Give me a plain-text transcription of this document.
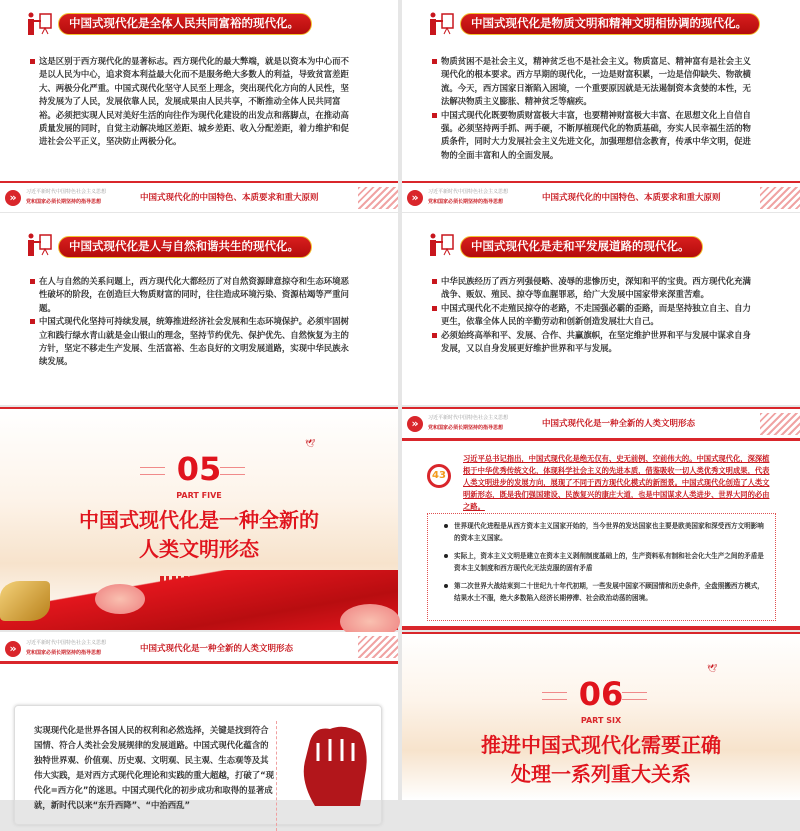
中国式现代化是全体人民共同富裕的现代化。
这是区别于西方现代化的显著标志。西方现代化的最大弊端，就是以资本为中心而不是以人民为中心，追求资本利益最大化而不是服务绝大多数人的利益，导致贫富差距大、两极分化严重。中国式现代化坚守人民至上理念，突出现代化方向的人民性，坚持发展为了人民，发展依靠人民，发展成果由人民共享，不断推动全体人民共同富裕。必须把实现人民对美好生活的向往作为现代化建设的出发点和落脚点，在推动高质量发展的同时，自觉主动解决地区差距、城乡差距、收入分配差距，着力维护和促进社会公平正义，坚决防止两极分化。
»	习近平新时代中国特色社会主义思想
党和国家必须长期坚持的指导思想	中国式现代化的中国特色、本质要求和重大原则
中国式现代化是物质文明和精神文明相协调的现代化。
物质贫困不是社会主义，精神贫乏也不是社会主义。物质富足、精神富有是社会主义现代化的根本要求。西方早期的现代化，一边是财富积累，一边是信仰缺失、物欲横流。今天，西方国家日渐陷入困境，一个重要原因就是无法遏制资本贪婪的本性，无法解决物质主义膨胀、精神贫乏等痼疾。
中国式现代化既要物质财富极大丰富，也要精神财富极大丰富、在思想文化上自信自强。必须坚持两手抓、两手硬，不断厚植现代化的物质基础，夯实人民幸福生活的物质条件，同时大力发展社会主义先进文化，加强理想信念教育，传承中华文明，促进物的全面丰富和人的全面发展。
»	习近平新时代中国特色社会主义思想
党和国家必须长期坚持的指导思想	中国式现代化的中国特色、本质要求和重大原则
中国式现代化是人与自然和谐共生的现代化。
在人与自然的关系问题上，西方现代化大都经历了对自然资源肆意掠夺和生态环境恶性破坏的阶段，在创造巨大物质财富的同时，往往造成环境污染、资源枯竭等严重问题。
中国式现代化坚持可持续发展，统筹推进经济社会发展和生态环境保护。必须牢固树立和践行绿水青山就是金山银山的理念，坚持节约优先、保护优先、自然恢复为主的方针，坚定不移走生产发展、生活富裕、生态良好的文明发展道路，实现中华民族永续发展。
中国式现代化是走和平发展道路的现代化。
中华民族经历了西方列强侵略、凌辱的悲惨历史，深知和平的宝贵。西方现代化充满战争、贩奴、殖民、掠夺等血腥罪恶，给广大发展中国家带来深重苦难。
中国式现代化不走殖民掠夺的老路，不走国强必霸的歪路，而是坚持独立自主、自力更生，依靠全体人民的辛勤劳动和创新创造发展壮大自己。
必须始终高举和平、发展、合作、共赢旗帜，在坚定维护世界和平与发展中谋求自身发展，又以自身发展更好维护世界和平与发展。
🕊
05
PART FIVE
中国式现代化是一种全新的
人类文明形态
»	习近平新时代中国特色社会主义思想
党和国家必须长期坚持的指导思想	中国式现代化是一种全新的人类文明形态
43
习近平总书记指出，中国式现代化是绝无仅有、史无前例、空前伟大的。中国式现代化，深深植根于中华优秀传统文化，体现科学社会主义的先进本质，借鉴吸收一切人类优秀文明成果，代表人类文明进步的发展方向，展现了不同于西方现代化模式的新图景。中国式现代化创造了人类文明新形态，既是我们强国建设、民族复兴的康庄大道，也是中国谋求人类进步、世界大同的必由之路。
世界现代化进程是从西方资本主义国家开始的，当今世界的发达国家也主要是欧美国家和深受西方文明影响的资本主义国家。
实际上，资本主义文明是建立在资本主义剥削制度基础上的，生产资料私有制和社会化大生产之间的矛盾是资本主义制度和西方现代化无法克服的固有矛盾
第二次世界大战结束到二十世纪九十年代初期，一些发展中国家不顾国情和历史条件，全盘照搬西方模式，结果水土不服，绝大多数陷入经济长期停滞、社会政治动荡的困境。
»	习近平新时代中国特色社会主义思想
党和国家必须长期坚持的指导思想	中国式现代化是一种全新的人类文明形态
实现现代化是世界各国人民的权利和必然选择，关键是找到符合国情、符合人类社会发展规律的发展道路。中国式现代化蕴含的独特世界观、价值观、历史观、文明观、民主观、生态观等及其伟大实践，是对西方式现代化理论和实践的重大超越，打破了“现代化=西方化”的迷思。中国式现代化的初步成功和取得的显著成就，新时代以来“东升西降”、“中治西乱”
🕊
06
PART SIX
推进中国式现代化需要正确
处理一系列重大关系
